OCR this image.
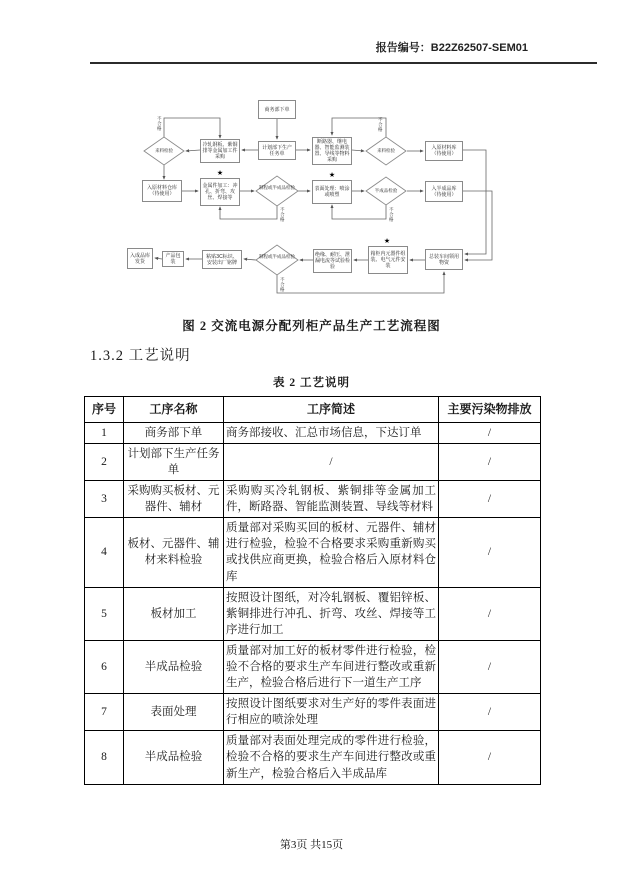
报告编号：B22Z62507-SEM01
商务部下单
计划部下生产任务单
冷轧钢板、紫铜排等金属加工件采购
断路器、继电器、智能监测装置、导线等物料采购
入原材料库（待使用）
入原材料仓库（待使用）
金属件加工：冲孔、折弯、攻丝、焊接等
表面处理：喷涂或喷塑
入半成品库（待使用）
总装车间领用物资
箱柜内元器件组装、电气元件安装
绝缘、耐压、泄漏电流等试验检验
粘贴3C标识、安装出厂铭牌
产品包装
入成品库发货
来料检验	来料检验
制程或半成品检验
半成品检验
制程或半成品检验
★	★
★
不合格
不合格
不合格
不合格
不合格
图 2 交流电源分配列柜产品生产工艺流程图
1.3.2 工艺说明
表 2 工艺说明
序号	工序名称	工序简述	主要污染物排放
1	商务部下单	商务部接收、汇总市场信息，下达订单	/
2	计划部下生产任务单	/	/
3	采购购买板材、元器件、辅材	采购购买冷轧钢板、紫铜排等金属加工件，断路器、智能监测装置、导线等材料	/
4	板材、元器件、辅材来料检验	质量部对采购买回的板材、元器件、辅材进行检验，检验不合格要求采购重新购买或找供应商更换，检验合格后入原材料仓库	/
5	板材加工	按照设计图纸，对冷轧钢板、覆铝锌板、紫铜排进行冲孔、折弯、攻丝、焊接等工序进行加工	/
6	半成品检验	质量部对加工好的板材零件进行检验，检验不合格的要求生产车间进行整改或重新生产，检验合格后进行下一道生产工序	/
7	表面处理	按照设计图纸要求对生产好的零件表面进行相应的喷涂处理	/
8	半成品检验	质量部对表面处理完成的零件进行检验，检验不合格的要求生产车间进行整改或重新生产，检验合格后入半成品库	/
第3页 共15页
